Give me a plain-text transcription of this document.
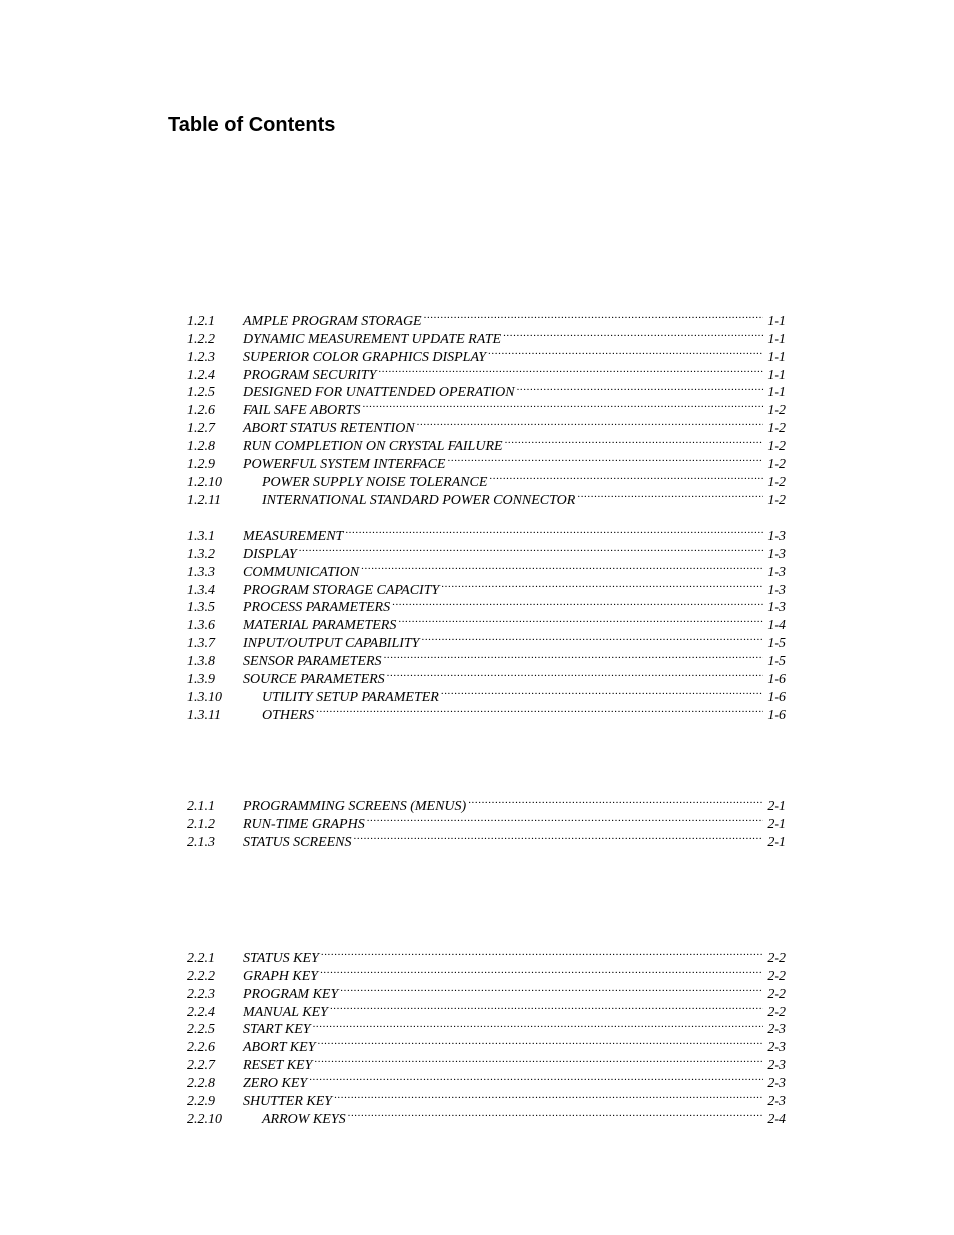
Table of Contents
1.2.1	AMPLE PROGRAM STORAGE .....	1-1
1.2.2	DYNAMIC MEASUREMENT UPDATE RATE .....	1-1
1.2.3	SUPERIOR COLOR GRAPHICS DISPLAY .....	1-1
1.2.4	PROGRAM SECURITY .....	1-1
1.2.5	DESIGNED FOR UNATTENDED OPERATION .....	1-1
1.2.6	FAIL SAFE ABORTS .....	1-2
1.2.7	ABORT STATUS RETENTION .....	1-2
1.2.8	RUN COMPLETION ON CRYSTAL FAILURE .....	1-2
1.2.9	POWERFUL SYSTEM INTERFACE .....	1-2
1.2.10	POWER SUPPLY NOISE TOLERANCE .....	1-2
1.2.11	INTERNATIONAL STANDARD POWER CONNECTOR .....	1-2
1.3.1	MEASUREMENT .....	1-3
1.3.2	DISPLAY .....	1-3
1.3.3	COMMUNICATION .....	1-3
1.3.4	PROGRAM STORAGE CAPACITY .....	1-3
1.3.5	PROCESS PARAMETERS .....	1-3
1.3.6	MATERIAL PARAMETERS .....	1-4
1.3.7	INPUT/OUTPUT CAPABILITY .....	1-5
1.3.8	SENSOR PARAMETERS .....	1-5
1.3.9	SOURCE PARAMETERS .....	1-6
1.3.10	UTILITY SETUP PARAMETER .....	1-6
1.3.11	OTHERS .....	1-6
2.1.1	PROGRAMMING SCREENS (MENUS) .....	2-1
2.1.2	RUN-TIME GRAPHS .....	2-1
2.1.3	STATUS SCREENS .....	2-1
2.2.1	STATUS KEY .....	2-2
2.2.2	GRAPH KEY .....	2-2
2.2.3	PROGRAM KEY .....	2-2
2.2.4	MANUAL KEY .....	2-2
2.2.5	START KEY .....	2-3
2.2.6	ABORT KEY .....	2-3
2.2.7	RESET KEY .....	2-3
2.2.8	ZERO KEY .....	2-3
2.2.9	SHUTTER KEY .....	2-3
2.2.10	ARROW KEYS .....	2-4
